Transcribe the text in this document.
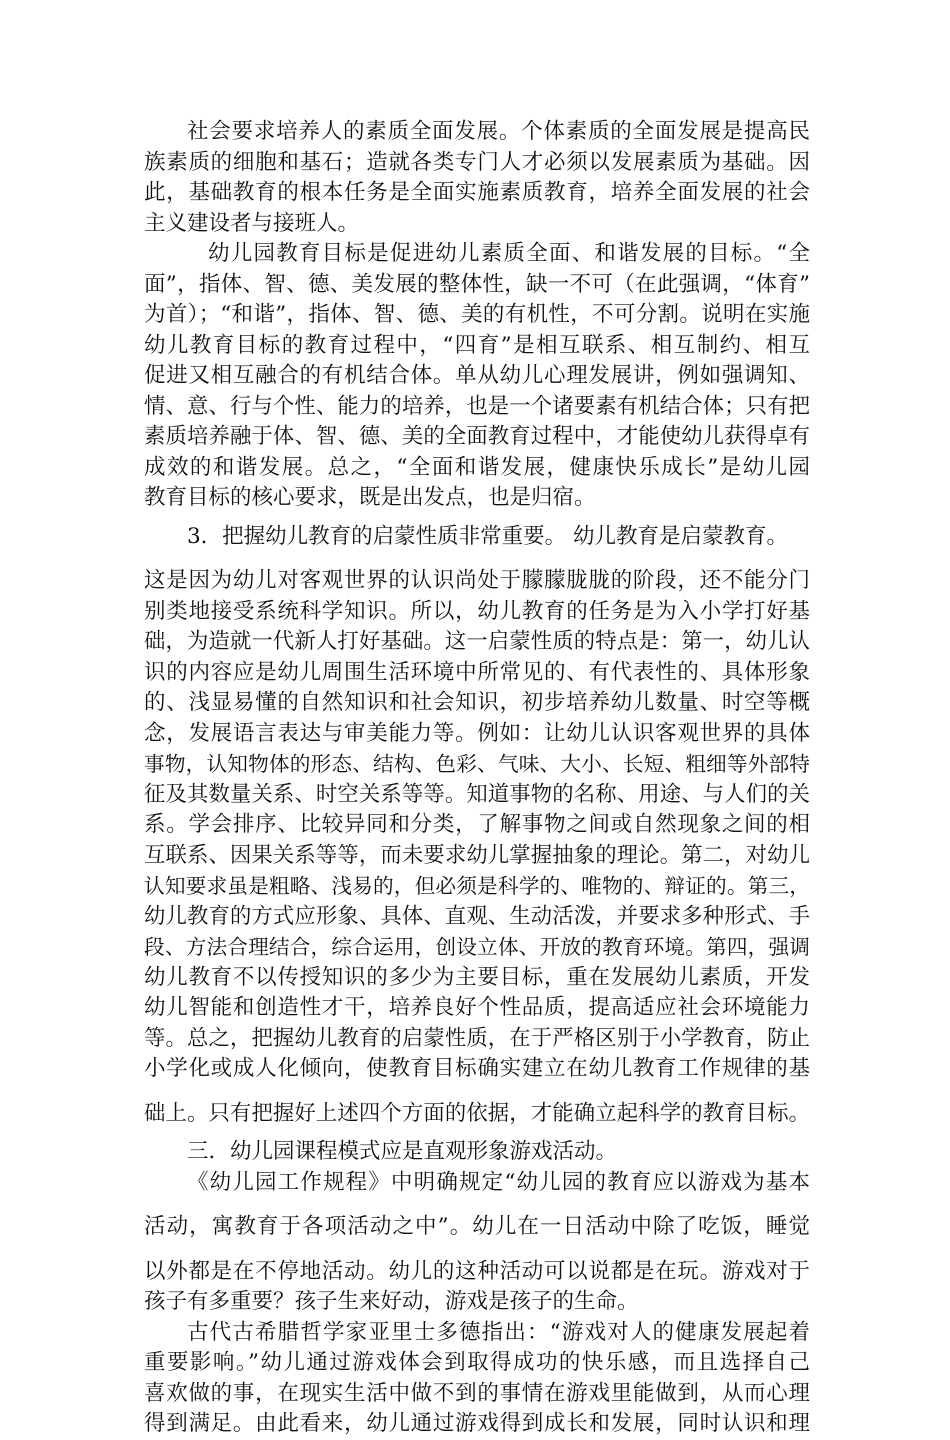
社会要求培养人的素质全面发展。个体素质的全面发展是提高民
族素质的细胞和基石；造就各类专门人才必须以发展素质为基础。因
此，基础教育的根本任务是全面实施素质教育，培养全面发展的社会
主义建设者与接班人。
幼儿园教育目标是促进幼儿素质全面、和谐发展的目标。“全
面”，指体、智、德、美发展的整体性，缺一不可（在此强调，“体育”
为首）；“和谐”，指体、智、德、美的有机性，不可分割。说明在实施
幼儿教育目标的教育过程中，“四育”是相互联系、相互制约、相互
促进又相互融合的有机结合体。单从幼儿心理发展讲，例如强调知、
情、意、行与个性、能力的培养，也是一个诸要素有机结合体；只有把
素质培养融于体、智、德、美的全面教育过程中，才能使幼儿获得卓有
成效的和谐发展。总之，“全面和谐发展，健康快乐成长”是幼儿园
教育目标的核心要求，既是出发点，也是归宿。
3．把握幼儿教育的启蒙性质非常重要。 幼儿教育是启蒙教育。
这是因为幼儿对客观世界的认识尚处于朦朦胧胧的阶段，还不能分门
别类地接受系统科学知识。所以，幼儿教育的任务是为入小学打好基
础，为造就一代新人打好基础。这一启蒙性质的特点是：第一，幼儿认
识的内容应是幼儿周围生活环境中所常见的、有代表性的、具体形象
的、浅显易懂的自然知识和社会知识，初步培养幼儿数量、时空等概
念，发展语言表达与审美能力等。例如：让幼儿认识客观世界的具体
事物，认知物体的形态、结构、色彩、气味、大小、长短、粗细等外部特
征及其数量关系、时空关系等等。知道事物的名称、用途、与人们的关
系。学会排序、比较异同和分类，了解事物之间或自然现象之间的相
互联系、因果关系等等，而未要求幼儿掌握抽象的理论。第二，对幼儿
认知要求虽是粗略、浅易的，但必须是科学的、唯物的、辩证的。第三，
幼儿教育的方式应形象、具体、直观、生动活泼，并要求多种形式、手
段、方法合理结合，综合运用，创设立体、开放的教育环境。第四，强调
幼儿教育不以传授知识的多少为主要目标，重在发展幼儿素质，开发
幼儿智能和创造性才干，培养良好个性品质，提高适应社会环境能力
等。总之，把握幼儿教育的启蒙性质，在于严格区别于小学教育，防止
小学化或成人化倾向，使教育目标确实建立在幼儿教育工作规律的基
础上。只有把握好上述四个方面的依据，才能确立起科学的教育目标。
三．幼儿园课程模式应是直观形象游戏活动。
《幼儿园工作规程》中明确规定“幼儿园的教育应以游戏为基本
活动，寓教育于各项活动之中”。幼儿在一日活动中除了吃饭，睡觉
以外都是在不停地活动。幼儿的这种活动可以说都是在玩。游戏对于
孩子有多重要？孩子生来好动，游戏是孩子的生命。
古代古希腊哲学家亚里士多德指出：“游戏对人的健康发展起着
重要影响。”幼儿通过游戏体会到取得成功的快乐感，而且选择自己
喜欢做的事，在现实生活中做不到的事情在游戏里能做到，从而心理
得到满足。由此看来，幼儿通过游戏得到成长和发展，同时认识和理
